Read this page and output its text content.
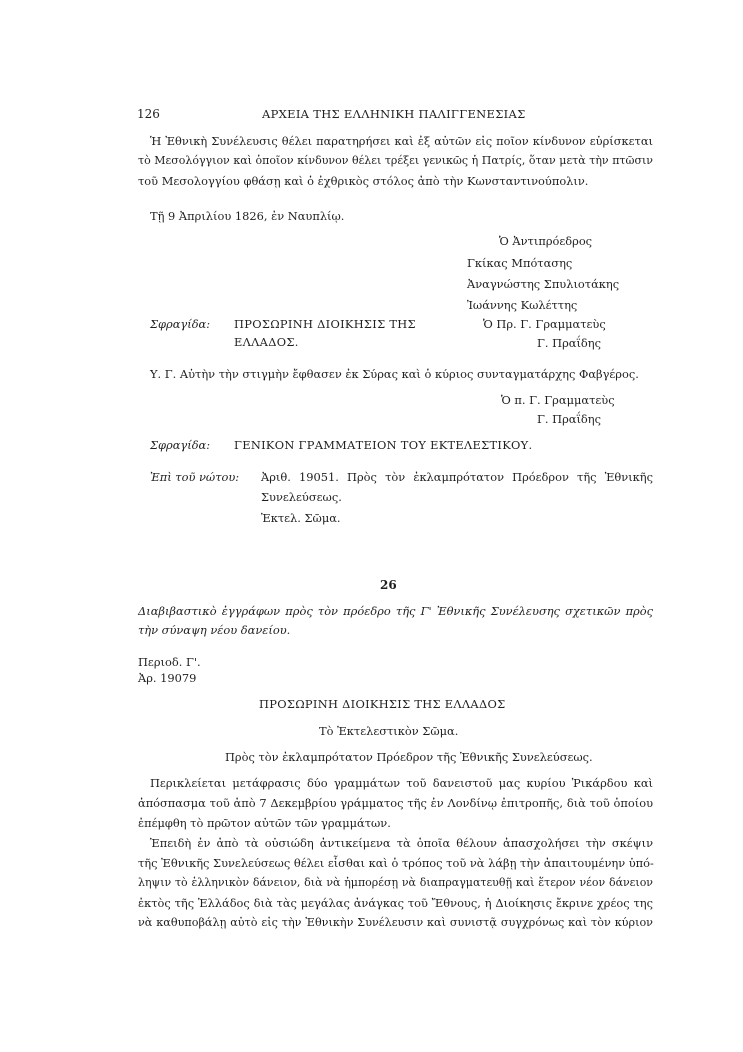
126	ΑΡΧΕΙΑ ΤΗΣ ΕΛΛΗΝΙΚΗ ΠΑΛΙΓΓΕΝΕΣΙΑΣ
Ἡ Ἐθνικὴ Συνέλευσις θέλει παρατηρήσει καὶ ἐξ αὐτῶν εἰς ποῖον κίνδυνον εὑρίσκεται
τὸ Μεσολόγγιον καὶ ὁποῖον κίνδυνον θέλει τρέξει γενικῶς ἡ Πατρίς, ὅταν μετὰ τὴν πτῶσιν
τοῦ Μεσολογγίου φθάσῃ καὶ ὁ ἐχθρικὸς στόλος ἀπὸ τὴν Κωνσταντινούπολιν.
Τῇ 9 Ἀπριλίου 1826, ἐν Ναυπλίῳ.
Ὁ Ἀντιπρόεδρος
Γκίκας Μπότασης
Ἀναγνώστης Σπυλιοτάκης
Ἰωάννης Κωλέττης
Σφραγίδα: ΠΡΟΣΩΡΙΝΗ ΔΙΟΙΚΗΣΙΣ ΤΗΣ
ΕΛΛΑΔΟΣ.
Ὁ Πρ. Γ. Γραμματεὺς
Γ. Πραΐδης
Υ. Γ. Αὐτὴν τὴν στιγμὴν ἔφθασεν ἐκ Σύρας καὶ ὁ κύριος συνταγματάρχης Φαβγέρος.
Ὁ π. Γ. Γραμματεὺς
Γ. Πραΐδης
Σφραγίδα: ΓΕΝΙΚΟΝ ΓΡΑΜΜΑΤΕΙΟΝ ΤΟΥ ΕΚΤΕΛΕΣΤΙΚΟΥ.
Ἐπὶ τοῦ νώτου: Ἀριθ. 19051. Πρὸς τὸν ἐκλαμπρότατον Πρόεδρον τῆς Ἐθνικῆς
Συνελεύσεως.
Ἐκτελ. Σῶμα.
26
Διαβιβαστικὸ ἐγγράφων πρὸς τὸν πρόεδρο τῆς Γ' Ἐθνικῆς Συνέλευσης σχετικῶν πρὸς
τὴν σύναψη νέου δανείου.
Περιοδ. Γ'.
Ἀρ. 19079
ΠΡΟΣΩΡΙΝΗ ΔΙΟΙΚΗΣΙΣ ΤΗΣ ΕΛΛΑΔΟΣ
Τὸ Ἐκτελεστικὸν Σῶμα.
Πρὸς τὸν ἐκλαμπρότατον Πρόεδρον τῆς Ἐθνικῆς Συνελεύσεως.
Περικλείεται μετάφρασις δύο γραμμάτων τοῦ δανειστοῦ μας κυρίου Ῥικάρδου καὶ
ἀπόσπασμα τοῦ ἀπὸ 7 Δεκεμβρίου γράμματος τῆς ἐν Λονδίνῳ ἐπιτροπῆς, διὰ τοῦ ὁποίου
ἐπέμφθη τὸ πρῶτον αὐτῶν τῶν γραμμάτων.
Ἐπειδὴ ἐν ἀπὸ τὰ οὐσιώδη ἀντικείμενα τὰ ὁποῖα θέλουν ἀπασχολήσει τὴν σκέψιν
τῆς Ἐθνικῆς Συνελεύσεως θέλει εἶσθαι καὶ ὁ τρόπος τοῦ νὰ λάβῃ τὴν ἀπαιτουμένην ὑπό-
ληψιν τὸ ἑλληνικὸν δάνειον, διὰ νὰ ἠμπορέσῃ νὰ διαπραγματευθῇ καὶ ἕτερον νέον δάνειον
ἐκτὸς τῆς Ἑλλάδος διὰ τὰς μεγάλας ἀνάγκας τοῦ Ἔθνους, ἡ Διοίκησις ἔκρινε χρέος της
νὰ καθυποβάλῃ αὐτὸ εἰς τὴν Ἐθνικὴν Συνέλευσιν καὶ συνιστᾷ συγχρόνως καὶ τὸν κύριον
